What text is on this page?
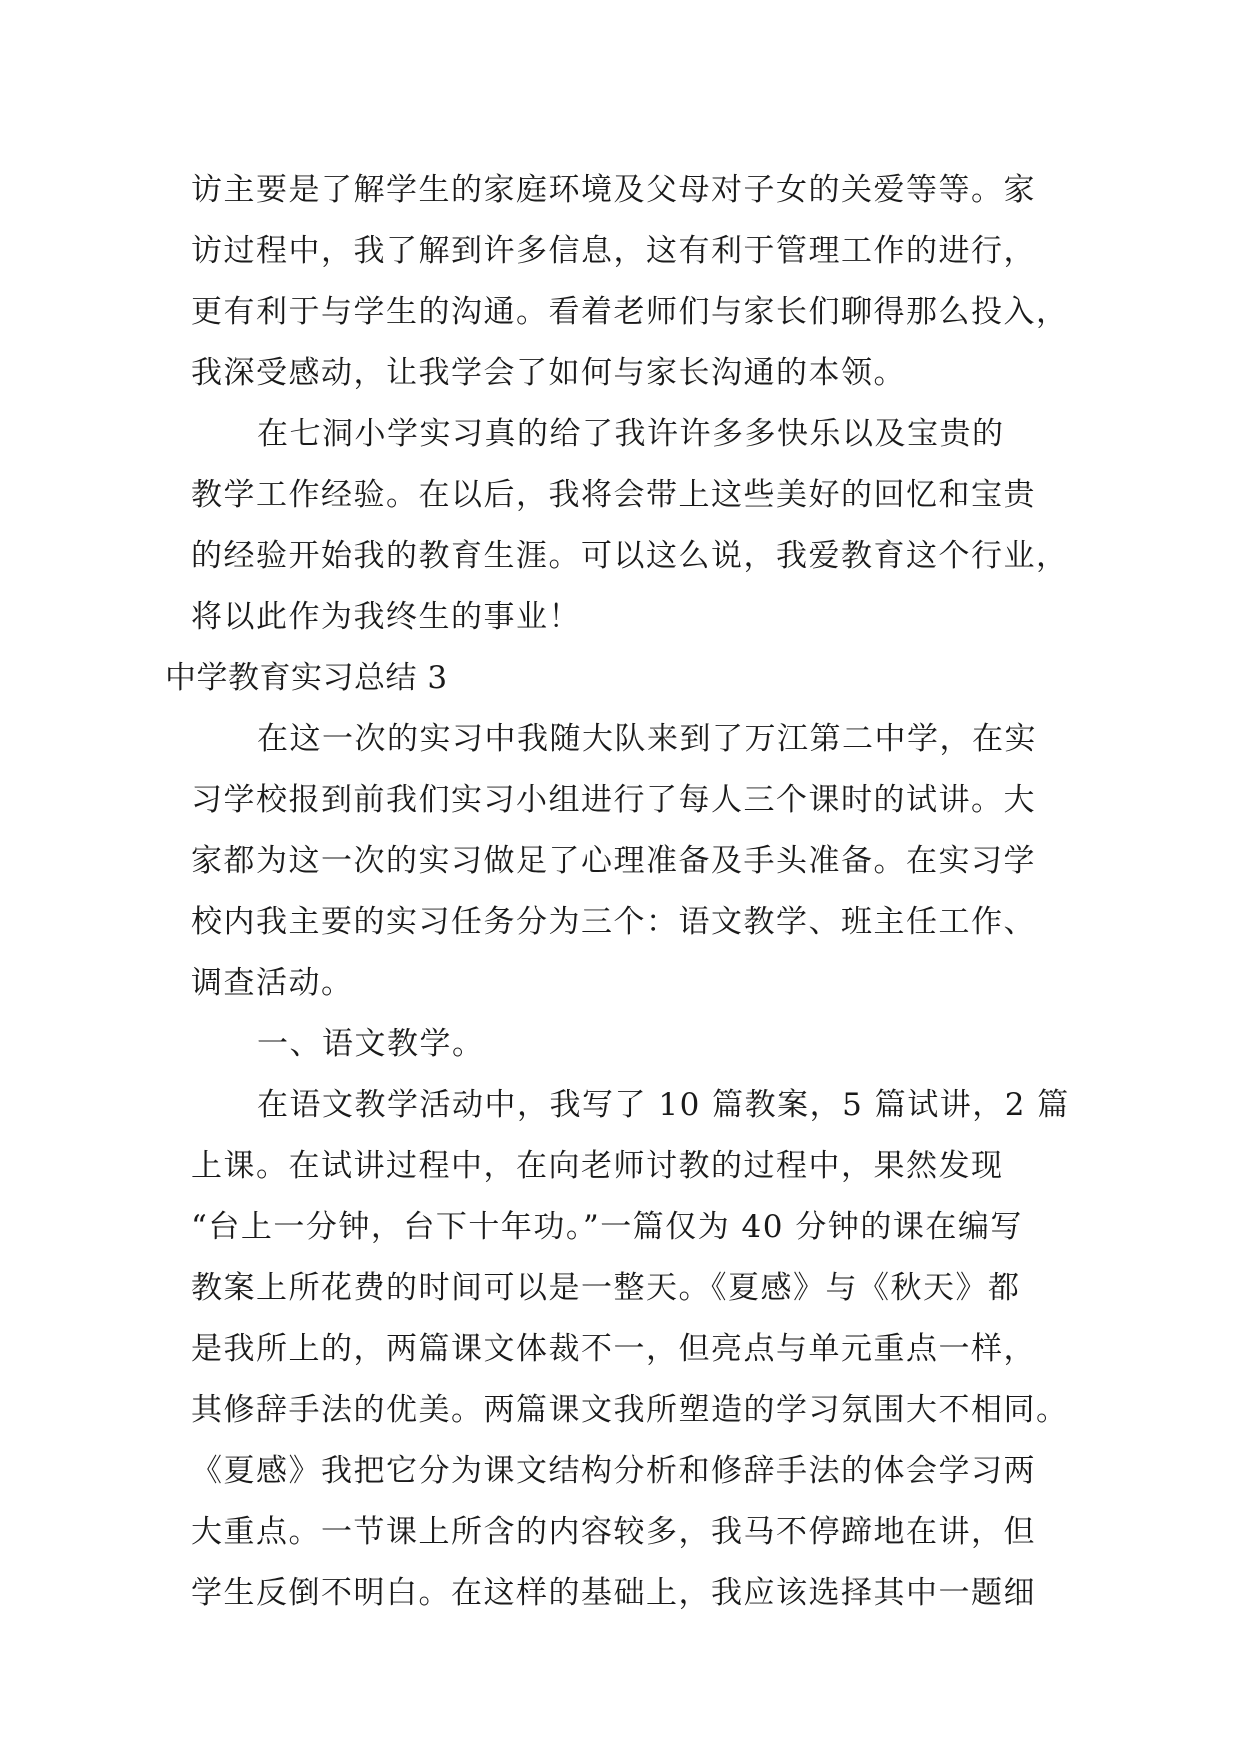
访主要是了解学生的家庭环境及父母对子女的关爱等等。家
访过程中，我了解到许多信息，这有利于管理工作的进行，
更有利于与学生的沟通。看着老师们与家长们聊得那么投入，
我深受感动，让我学会了如何与家长沟通的本领。
在七洞小学实习真的给了我许许多多快乐以及宝贵的
教学工作经验。在以后，我将会带上这些美好的回忆和宝贵
的经验开始我的教育生涯。可以这么说，我爱教育这个行业，
将以此作为我终生的事业！
中学教育实习总结 3
在这一次的实习中我随大队来到了万江第二中学，在实
习学校报到前我们实习小组进行了每人三个课时的试讲。大
家都为这一次的实习做足了心理准备及手头准备。在实习学
校内我主要的实习任务分为三个：语文教学、班主任工作、
调查活动。
一、语文教学。
在语文教学活动中，我写了 10 篇教案，5 篇试讲，2 篇
上课。在试讲过程中，在向老师讨教的过程中，果然发现
“台上一分钟，台下十年功。”一篇仅为 40 分钟的课在编写
教案上所花费的时间可以是一整天。《夏感》与《秋天》都
是我所上的，两篇课文体裁不一，但亮点与单元重点一样，
其修辞手法的优美。两篇课文我所塑造的学习氛围大不相同。
《夏感》我把它分为课文结构分析和修辞手法的体会学习两
大重点。一节课上所含的内容较多，我马不停蹄地在讲，但
学生反倒不明白。在这样的基础上，我应该选择其中一题细
